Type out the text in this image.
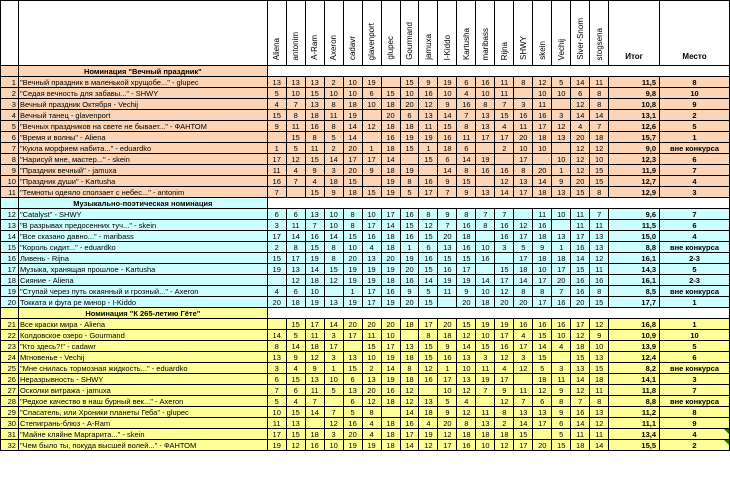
		Aliena	antonim	A-Ram	Axeron	cadavr	glavenport	glupec	Gourmand	jamuxa	I-Kiddo	Kartusha	maribass	Rijna	SHWY	skein	Vechij	Siver-Snom	stogsena	Итог	Место
	Номинация "Вечный праздник"																				
1	"Вечный праздник в маленькой хрущобе..." - glupec	13	13	13	2	10	19		15	9	19	6	16	11	8	12	5	14	11	11,5	8
2	"Седая вечность для забавы..." - SHWY	5	10	15	10	10	6	15	10	16	10	4	10	11		10	10	6	8	9,8	10
3	Вечный праздник Октября - Vechij	4	7	13	8	18	10	18	20	12	9	16	8	7	3	11		12	8	10,8	9
4	Вечный танец - glavenport	15	8	18	11	19		20	6	13	14	7	13	15	16	16	3	14	14	13,1	2
5	"Вечных праздников на свете не бывает..." - ФАНТОМ	9	11	16	8	14	12	18	18	11	15	8	13	4	11	17	12	4	7	12,6	5
6	"Время и волны" - Aliena		15	8	5	14		16	19	19	16	11	17	17	20	18	13	20	18	15,7	1
7	"Кукла морфием набита..." - eduardko	1	5	11	2	20	1	18	15	1	18	6		2	10	10		12	12	9,0	вне конкурса
8	"Нарисуй мне, мастер..." - skein	17	12	15	14	17	17	14		15	6	14	19		17		10	12	10	12,3	6
9	"Праздник вечный" - jamuxa	11	4	9	3	20	9	18	19		14	8	16	16	8	20	1	12	15	11,9	7
10	"Праздник души" - Kartusha	16	7	4	18	15		19	8	16	9	15		12	13	14	9	20	15	12,7	4
11	"Темноты одеяло сползает с небес..." - antonim	7		15	9	18	15	19	5	17	7	9	13	14	17	18	13	15	8	12,9	3
	Музыкально-поэтическая номинация																				
12	"Catalyst" - SHWY	6	6	13	10	8	10	17	16	8	9	8	7	7		11	10	11	7	9,6	7
13	"В разрывах предосенних туч..." - skein	3	11	7	10	8	17	14	15	12	7	16	8	16	12	16		11	11	11,5	6
14	"Все сказано давно..." - maribass	17	14	16	14	15	16	18	16	15	20	18		16	17	18	13	17	13	15,0	4
15	"Король сидит..." - eduardko	2	8	15	8	10	4	18	1	6	13	16	10	3	5	9	1	16	13	8,8	вне конкурса
16	Ливень - Rijna	15	17	19	8	20	13	20	19	16	15	15	16		17	18	18	14	12	16,1	2-3
17	Музыка, хранящая прошлое - Kartusha	19	13	14	15	19	19	19	20	15	16	17		15	18	10	17	15	11	14,3	5
18	Сияние - Aliena		12	18	12	19	19	18	16	14	19	19	14	17	14	17	20	16	16	16,1	2-3
19	"Ступай через путь окаянный и грозный..." - Axeron	4	6	10		1	17	16	9	5	11	9	10	12	8	8	7	16	8	8,5	вне конкурса
20	Токката и фуга ре минор - I-Kiddo	20	18	19	13	19	17	19	20	15		20	18	20	20	17	16	20	15	17,7	1
	Номинация "К 265-летию Гёте"																				
21	Все краски мира - Aliena		15	17	14	20	20	20	18	17	20	15	19	19	16	16	16	17	12	16,8	1
22	Колдовское озеро - Gourmand	14	5	11	3	17	11	10		8	18	12	10	17	4	15	10	12	9	10,9	10
23	"Кто здесь?!" - cadawr	8	14	18	17		15	17	13	15	9	14	15	16	17	14	4	18	10	13,9	5
24	Мгновенье - Vechij	13	9	12	3	13	10	19	18	15	16	13	3	12	3	15		15	13	12,4	6
25	"Мне снилась тормозная жидкость..." - eduardko	3	4	9	1	15	2	14	8	12	1	10	11	4	12	5	3	13	15	8,2	вне конкурса
26	Неразрывность - SHWY	6	15	13	10	6	13	19	18	16	17	13	19	17		18	11	14	18	14,1	3
27	Осколки витража - jamuxa	7	6	11	5	13	20	16	12		10	12	7	9	11	12	9	12	11	11,8	7
28	"Редкое качество в наш бурный век..." - Axeron	5	4	7		6	12	18	12	13	5	4		12	7	6	8	7	8	8,8	вне конкурса
29	"Спасатель, или Хроники планеты Геба" - glupec	10	15	14	7	5	8		14	18	9	12	11	8	13	13	9	16	13	11,2	8
30	Степигрань-блюз - A-Ram	11	13		12	16	4	18	16	4	20	8	13	2	14	17	6	14	12	11,1	9
31	"Майне кляйне Маргарита..." - skein	17	15	18	3	20	4	18	17	19	12	18	18	18	15		5	11	11	13,4	4
32	"Чем было ты, покуда высшей волей..." - ФАНТОМ	19	12	16	10	19	19	18	14	12	17	16	10	12	17	20	15	18	14	15,5	2
